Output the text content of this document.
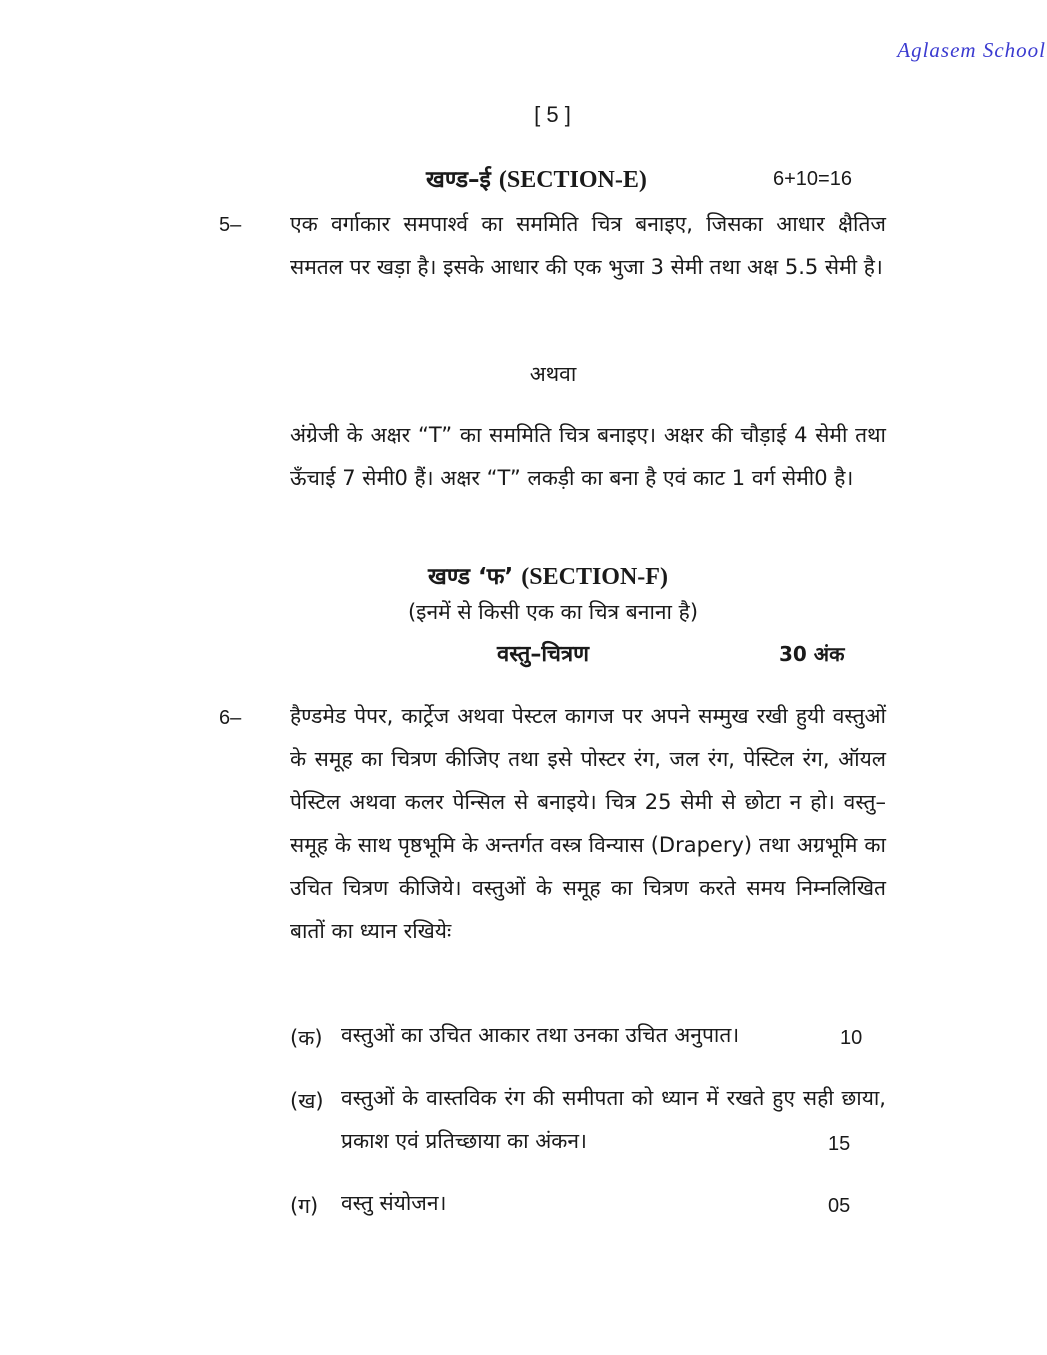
Aglasem School
[ 5 ]
खण्ड–ई (SECTION-E)	6+10=16
5– एक वर्गाकार समपार्श्व का सममिति चित्र बनाइए, जिसका आधार क्षैतिज समतल पर खड़ा है। इसके आधार की एक भुजा 3 सेमी तथा अक्ष 5.5 सेमी है।
अथवा
अंग्रेजी के अक्षर “T” का सममिति चित्र बनाइए। अक्षर की चौड़ाई 4 सेमी तथा ऊँचाई 7 सेमी0 हैं। अक्षर “T” लकड़ी का बना है एवं काट 1 वर्ग सेमी0 है।
खण्ड ‘फ’ (SECTION-F)
(इनमें से किसी एक का चित्र बनाना है)
वस्तु–चित्रण	30 अंक
6– हैण्डमेड पेपर, कार्ट्रेज अथवा पेस्टल कागज पर अपने सम्मुख रखी हुयी वस्तुओं के समूह का चित्रण कीजिए तथा इसे पोस्टर रंग, जल रंग, पेस्टिल रंग, ऑयल पेस्टिल अथवा कलर पेन्सिल से बनाइये। चित्र 25 सेमी से छोटा न हो। वस्तु–समूह के साथ पृष्ठभूमि के अन्तर्गत वस्त्र विन्यास (Drapery) तथा अग्रभूमि का उचित चित्रण कीजिये। वस्तुओं के समूह का चित्रण करते समय निम्नलिखित बातों का ध्यान रखियेः
(क) वस्तुओं का उचित आकार तथा उनका उचित अनुपात।	10
(ख) वस्तुओं के वास्तविक रंग की समीपता को ध्यान में रखते हुए सही छाया, प्रकाश एवं प्रतिच्छाया का अंकन।	15
(ग) वस्तु संयोजन।	05
